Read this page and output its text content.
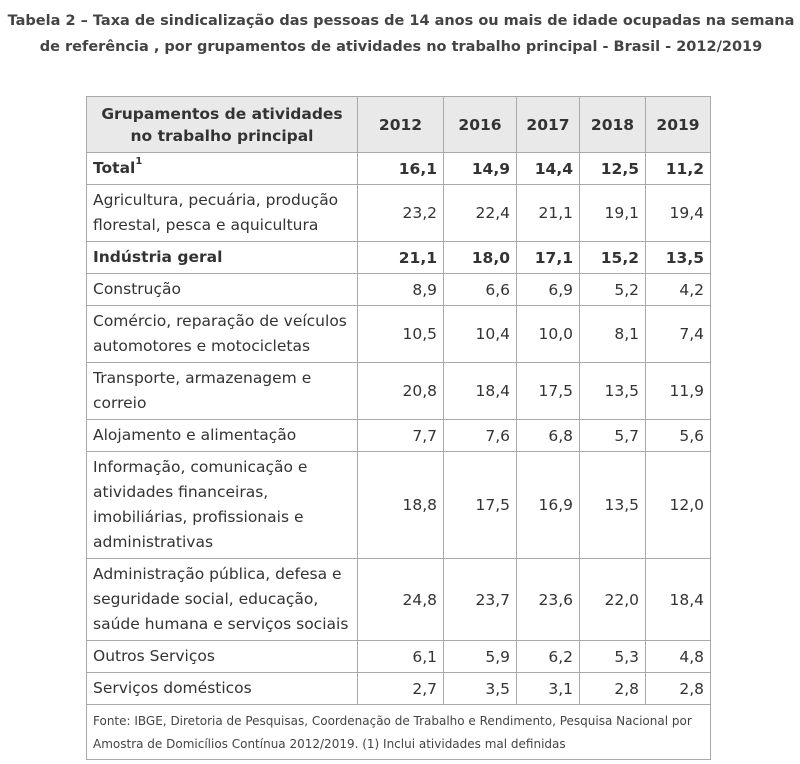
Tabela 2 – Taxa de sindicalização das pessoas de 14 anos ou mais de idade ocupadas na semana de referência , por grupamentos de atividades no trabalho principal - Brasil - 2012/2019
Grupamentos de atividades no trabalho principal	2012	2016	2017	2018	2019
Total$^1$	16,1	14,9	14,4	12,5	11,2
Agricultura, pecuária, produção florestal, pesca e aquicultura	23,2	22,4	21,1	19,1	19,4
Indústria geral	21,1	18,0	17,1	15,2	13,5
Construção	8,9	6,6	6,9	5,2	4,2
Comércio, reparação de veículos automotores e motocicletas	10,5	10,4	10,0	8,1	7,4
Transporte, armazenagem e correio	20,8	18,4	17,5	13,5	11,9
Alojamento e alimentação	7,7	7,6	6,8	5,7	5,6
Informação, comunicação e atividades financeiras, imobiliárias, profissionais e administrativas	18,8	17,5	16,9	13,5	12,0
Administração pública, defesa e seguridade social, educação, saúde humana e serviços sociais	24,8	23,7	23,6	22,0	18,4
Outros Serviços	6,1	5,9	6,2	5,3	4,8
Serviços domésticos	2,7	3,5	3,1	2,8	2,8
Fonte: IBGE, Diretoria de Pesquisas, Coordenação de Trabalho e Rendimento, Pesquisa Nacional por Amostra de Domicílios Contínua 2012/2019. (1) Inclui atividades mal definidas					
